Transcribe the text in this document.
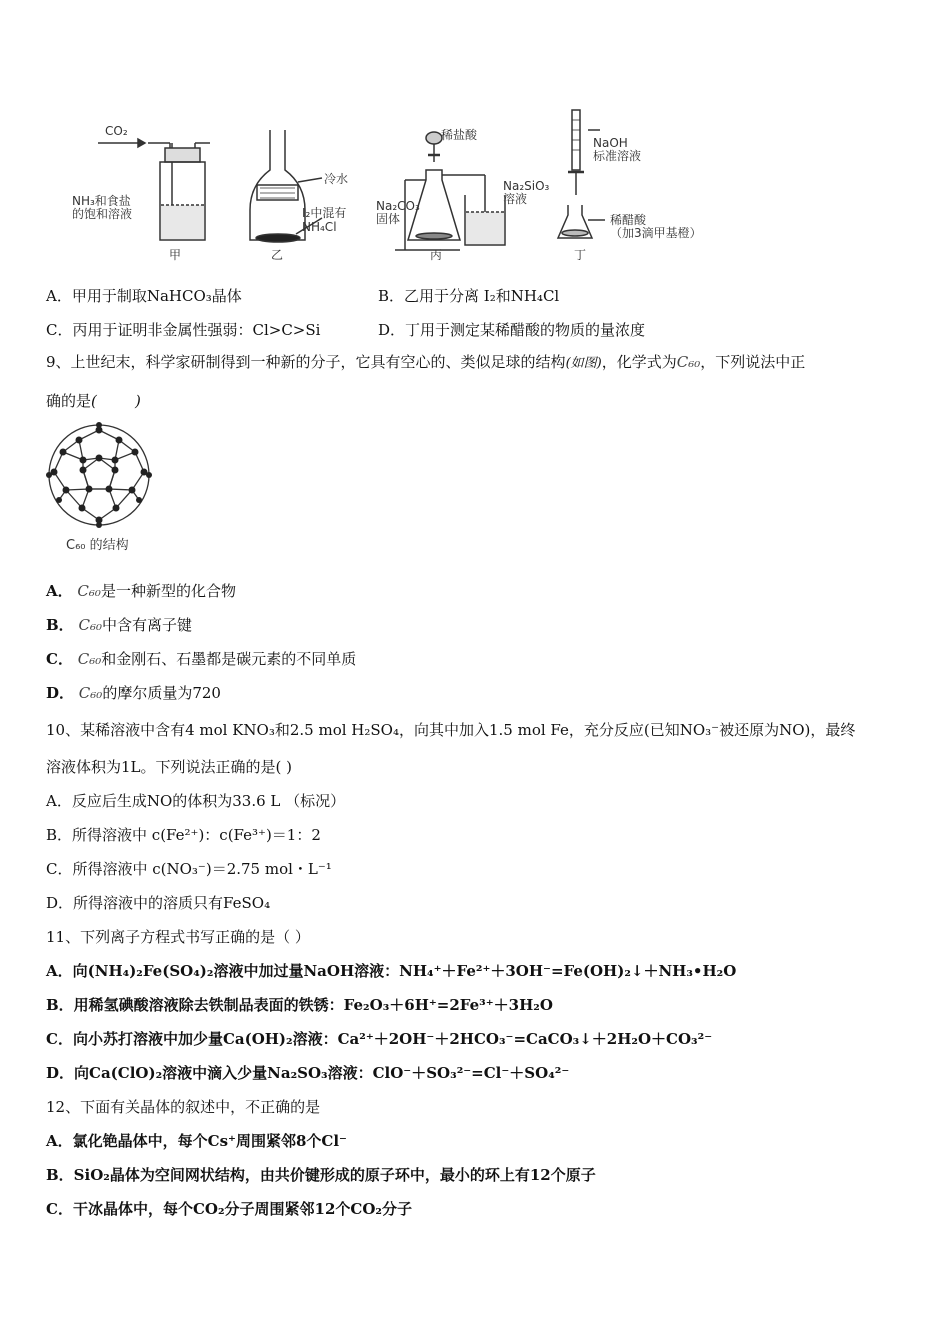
CO₂
NH₃和食盐
的饱和溶液
甲
冷水
I₂中混有
NH₄Cl
乙
稀盐酸
Na₂CO₃
固体
Na₂SiO₃
溶液
丙
NaOH
标准溶液
稀醋酸
（加3滴甲基橙）
丁
A．甲用于制取NaHCO₃晶体	B．乙用于分离 I₂和NH₄Cl
C．丙用于证明非金属性强弱：Cl>C>Si	D．丁用于测定某稀醋酸的物质的量浓度
9、上世纪末，科学家研制得到一种新的分子，它具有空心的、类似足球的结构(如图)，化学式为C₆₀，下列说法中正
确的是(        )
C₆₀ 的结构
A． C₆₀是一种新型的化合物
B． C₆₀中含有离子键
C． C₆₀和金刚石、石墨都是碳元素的不同单质
D． C₆₀的摩尔质量为720
10、某稀溶液中含有4 mol KNO₃和2.5 mol H₂SO₄，向其中加入1.5 mol Fe，充分反应(已知NO₃⁻被还原为NO)，最终
溶液体积为1L。下列说法正确的是( )
A．反应后生成NO的体积为33.6 L （标况）
B．所得溶液中 c(Fe²⁺)：c(Fe³⁺)＝1：2
C．所得溶液中 c(NO₃⁻)＝2.75 mol・L⁻¹
D．所得溶液中的溶质只有FeSO₄
11、下列离子方程式书写正确的是（ ）
A．向(NH₄)₂Fe(SO₄)₂溶液中加过量NaOH溶液：NH₄⁺＋Fe²⁺＋3OH⁻=Fe(OH)₂↓＋NH₃•H₂O
B．用稀氢碘酸溶液除去铁制品表面的铁锈：Fe₂O₃＋6H⁺=2Fe³⁺＋3H₂O
C．向小苏打溶液中加少量Ca(OH)₂溶液：Ca²⁺＋2OH⁻＋2HCO₃⁻=CaCO₃↓＋2H₂O＋CO₃²⁻
D．向Ca(ClO)₂溶液中滴入少量Na₂SO₃溶液：ClO⁻＋SO₃²⁻=Cl⁻＋SO₄²⁻
12、下面有关晶体的叙述中，不正确的是
A．氯化铯晶体中，每个Cs⁺周围紧邻8个Cl⁻
B．SiO₂晶体为空间网状结构，由共价键形成的原子环中，最小的环上有12个原子
C．干冰晶体中，每个CO₂分子周围紧邻12个CO₂分子
